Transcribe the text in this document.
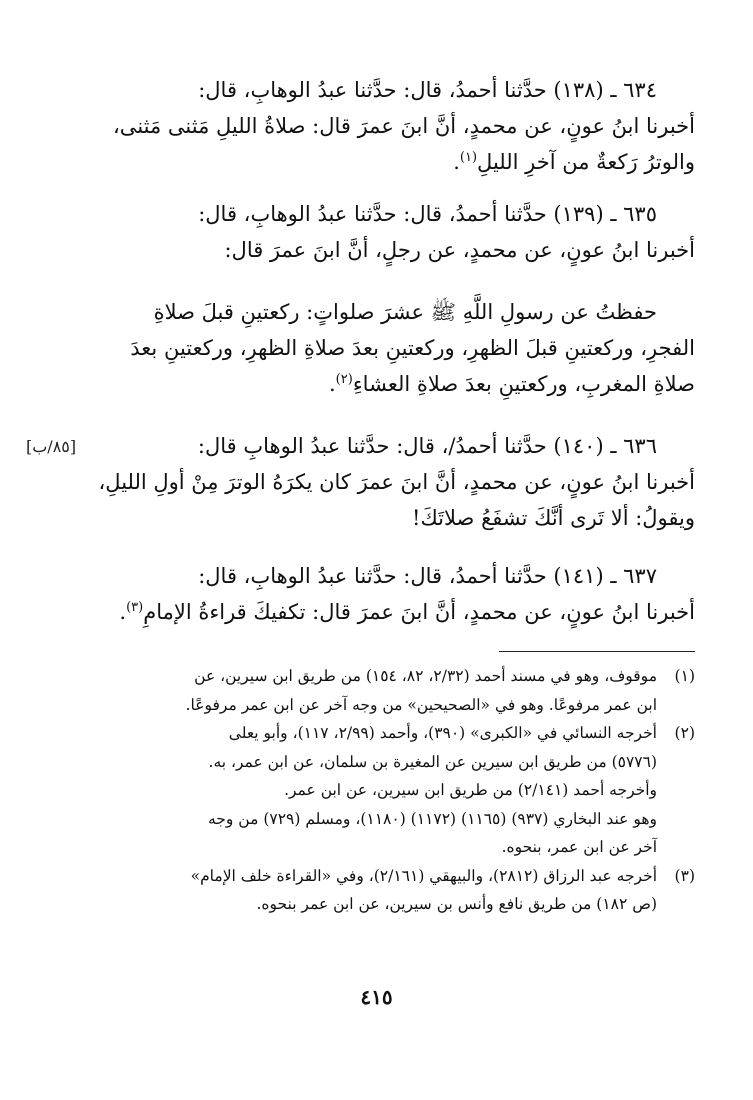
٦٣٤ ـ (١٣٨) حدَّثنا أحمدُ، قال: حدَّثنا عبدُ الوهابِ، قال:
أخبرنا ابنُ عونٍ، عن محمدٍ، أنَّ ابنَ عمرَ قال: صلاةُ الليلِ مَثنى مَثنى،
والوترُ رَكعةٌ من آخرِ الليلِ$^{(١)}$.

٦٣٥ ـ (١٣٩) حدَّثنا أحمدُ، قال: حدَّثنا عبدُ الوهابِ، قال:
أخبرنا ابنُ عونٍ، عن محمدٍ، عن رجلٍ، أنَّ ابنَ عمرَ قال:

حفظتُ عن رسولِ اللَّهِ ﷺ عشرَ صلواتٍ: ركعتينِ قبلَ صلاةِ
الفجرِ، وركعتينِ قبلَ الظهرِ، وركعتينِ بعدَ صلاةِ الظهرِ، وركعتينِ بعدَ
صلاةِ المغربِ، وركعتينِ بعدَ صلاةِ العشاءِ$^{(٢)}$.

[٨٥/ب]	٦٣٦ ـ (١٤٠) حدَّثنا أحمدُ/، قال: حدَّثنا عبدُ الوهابِ قال:
أخبرنا ابنُ عونٍ، عن محمدٍ، أنَّ ابنَ عمرَ كان يكرَهُ الوترَ مِنْ أولِ الليلِ،
ويقولُ: ألا تَرى أنَّكَ تشفَعُ صلاتَكَ!

٦٣٧ ـ (١٤١) حدَّثنا أحمدُ، قال: حدَّثنا عبدُ الوهابِ، قال:
أخبرنا ابنُ عونٍ، عن محمدٍ، أنَّ ابنَ عمرَ قال: تكفيكَ قراءةُ الإمامِ$^{(٣)}$.

(١)
موقوف، وهو في مسند أحمد (٢/٣٢، ٨٢، ١٥٤) من طريق ابن سيرين، عن
ابن عمر مرفوعًا. وهو في «الصحيحين» من وجه آخر عن ابن عمر مرفوعًا.
(٢)
أخرجه النسائي في «الكبرى» (٣٩٠)، وأحمد (٢/٩٩، ١١٧)، وأبو يعلى
(٥٧٧٦) من طريق ابن سيرين عن المغيرة بن سلمان، عن ابن عمر، به.
وأخرجه أحمد (٢/١٤١) من طريق ابن سيرين، عن ابن عمر.
وهو عند البخاري (٩٣٧) (١١٦٥) (١١٧٢) (١١٨٠)، ومسلم (٧٢٩) من وجه
آخر عن ابن عمر، بنحوه.
(٣)
أخرجه عبد الرزاق (٢٨١٢)، والبيهقي (٢/١٦١)، وفي «القراءة خلف الإمام»
(ص ١٨٢) من طريق نافع وأنس بن سيرين، عن ابن عمر بنحوه.
٤١٥
